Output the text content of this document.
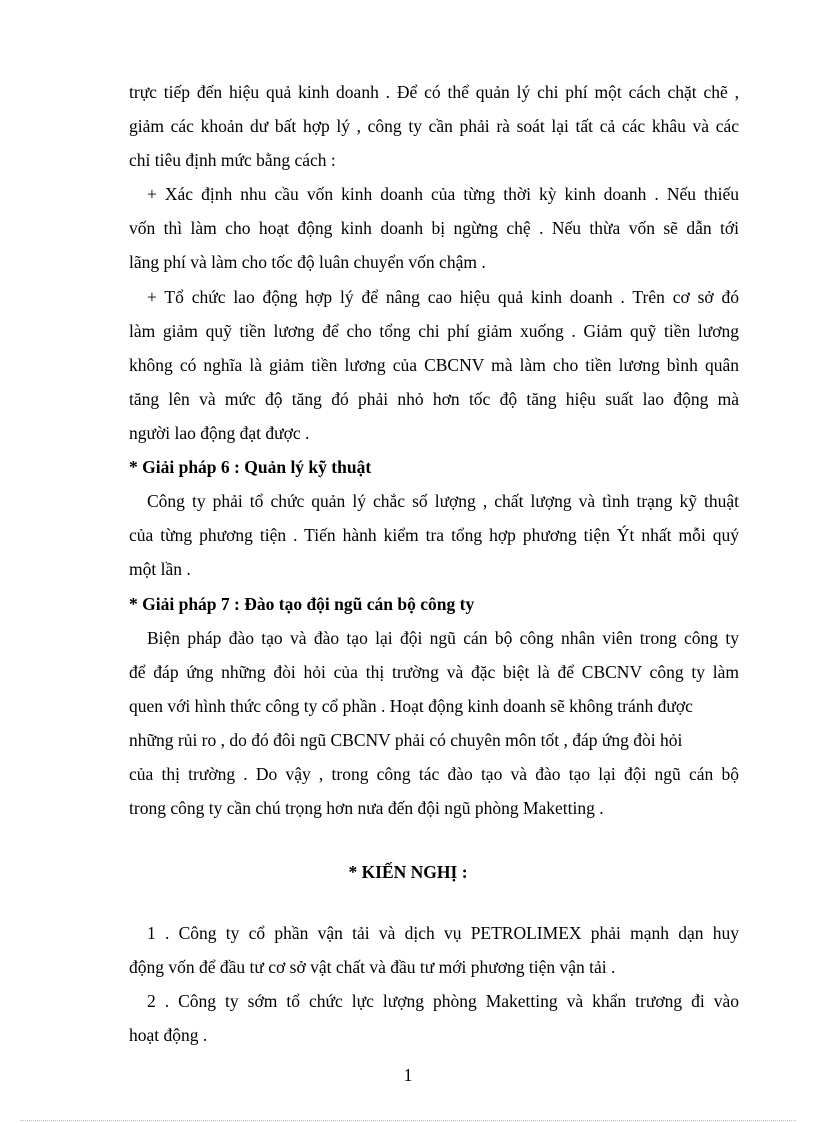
trực tiếp đến hiệu quả kinh doanh . Để có thể quản lý chi phí một cách chặt chẽ ,
giảm các khoản dư bất hợp lý , công ty cần phải rà soát lại tất cả các khâu và các
chỉ tiêu định mức bằng cách :
+ Xác định nhu cầu vốn kinh doanh của từng thời kỳ kinh doanh . Nếu thiếu
vốn thì làm cho hoạt động kinh doanh bị ngừng chệ . Nếu thừa vốn sẽ dẫn tới
lãng phí và làm cho tốc độ luân chuyển vốn chậm .
+ Tổ chức lao động hợp lý để nâng cao hiệu quả kinh doanh . Trên cơ sở đó
làm giảm quỹ tiền lương để cho tổng chi phí giảm xuống . Giảm quỹ tiền lương
không có nghĩa là giảm tiền lương của CBCNV mà làm cho tiền lương bình quân
tăng lên và mức độ tăng đó phải nhỏ hơn tốc độ tăng hiệu suất lao động mà
người lao động đạt được .
* Giải pháp 6 : Quản lý kỹ thuật
Công ty phải tổ chức quản lý chắc số lượng , chất lượng và tình trạng kỹ thuật
của từng phương tiện . Tiến hành kiểm tra tổng hợp phương tiện Ýt nhất mỗi quý
một lần .
* Giải pháp 7 : Đào tạo đội ngũ cán bộ công ty
Biện pháp đào tạo và đào tạo lại đội ngũ cán bộ công nhân viên trong công ty
để đáp ứng những đòi hỏi của thị trường và đặc biệt là để CBCNV công ty làm
quen với hình thức công ty cổ phần . Hoạt động kinh doanh sẽ không tránh được
những rủi ro , do đó đôi ngũ CBCNV phải có chuyên môn tốt , đáp ứng đòi hỏi
của thị trường . Do vậy , trong công tác đào tạo và đào tạo lại đội ngũ cán bộ
trong công ty cần chú trọng hơn nưa đến đội ngũ phòng Maketting .
* KIẾN NGHỊ :
1 . Công ty cổ phần vận tải và dịch vụ PETROLIMEX phải mạnh dạn huy
động vốn để đầu tư cơ sở vật chất và đầu tư mới phương tiện vận tải .
2 . Công ty sớm tổ chức lực lượng phòng Maketting và khẩn trương đi vào
hoạt động .
1
